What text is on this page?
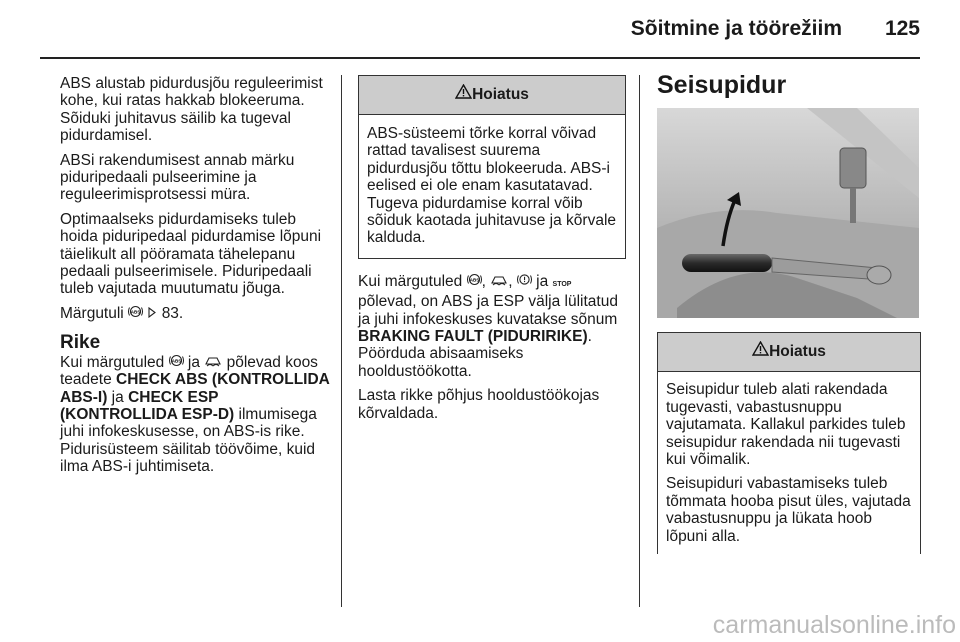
Sõitmine ja töörežiim 125

ABS alustab pidurdusjõu reguleerimist kohe, kui ratas hakkab blokeeruma. Sõiduki juhitavus säilib ka tugeval pidurdamisel.

ABSi rakendumisest annab märku piduripedaali pulseerimine ja reguleerimisprotsessi müra.

Optimaalseks pidurdamiseks tuleb hoida piduripedaal pidurdamise lõpuni täielikult all pööramata tähelepanu pedaali pulseerimisele. Piduripedaali tuleb vajutada muutumatu jõuga.

Märgutuli ABS 83.

Rike

Kui märgutuled ABS ja põlevad koos teadete CHECK ABS (KONTROLLIDA ABS-I) ja CHECK ESP (KONTROLLIDA ESP-D) ilmumisega juhi infokeskusesse, on ABS-is rike. Pidurisüsteem säilitab töövõime, kuid ilma ABS-i juhtimiseta.

Hoiatus

ABS-süsteemi tõrke korral võivad rattad tavalisest suurema pidurdusjõu tõttu blokeeruda. ABS-i eelised ei ole enam kasutatavad. Tugeva pidurdamise korral võib sõiduk kaotada juhitavuse ja kõrvale kalduda.

Kui märgutuled ABS , ,  ja STOP põlevad, on ABS ja ESP välja lülitatud ja juhi infokeskuses kuvatakse sõnum BRAKING FAULT (PIDURIRIKE). Pöörduda abisaamiseks hooldustöökotta.

Lasta rikke põhjus hooldustöökojas kõrvaldada.

Seisupidur
Hoiatus

Seisupidur tuleb alati rakendada tugevasti, vabastusnuppu vajutamata. Kallakul parkides tuleb seisupidur rakendada nii tugevasti kui võimalik.

Seisupiduri vabastamiseks tuleb tõmmata hooba pisut üles, vajutada vabastusnuppu ja lükata hoob lõpuni alla.

carmanualsonline.info
